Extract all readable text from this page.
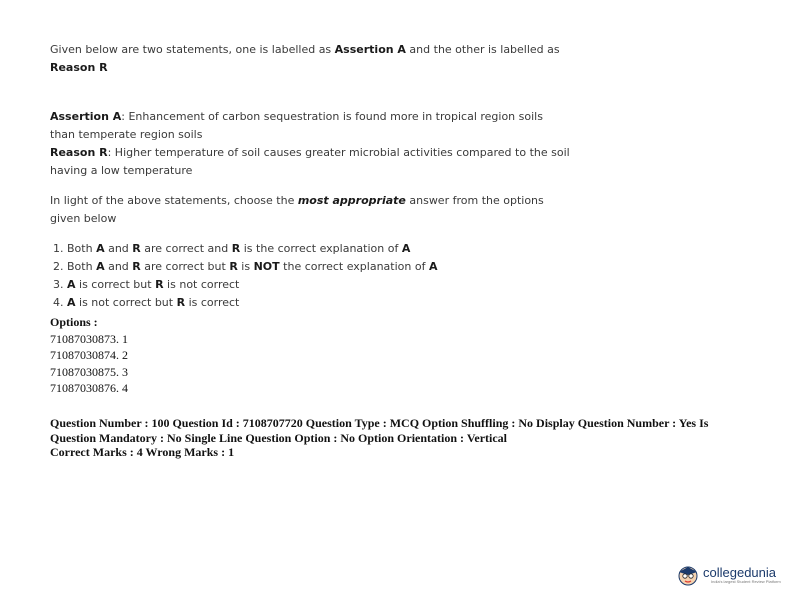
Given below are two statements, one is labelled as Assertion A and the other is labelled as
Reason R

Assertion A: Enhancement of carbon sequestration is found more in tropical region soils
than temperate region soils

Reason R: Higher temperature of soil causes greater microbial activities compared to the soil
having a low temperature

In light of the above statements, choose the most appropriate answer from the options
given below

1. Both A and R are correct and R is the correct explanation of A
2. Both A and R are correct but R is NOT the correct explanation of A
3. A is correct but R is not correct
4. A is not correct but R is correct
Options :
71087030873. 1
71087030874. 2
71087030875. 3
71087030876. 4
Question Number : 100 Question Id : 7108707720 Question Type : MCQ Option Shuffling : No Display Question Number : Yes Is
Question Mandatory : No Single Line Question Option : No Option Orientation : Vertical
Correct Marks : 4 Wrong Marks : 1
collegedunia
India's largest Student Review Platform
